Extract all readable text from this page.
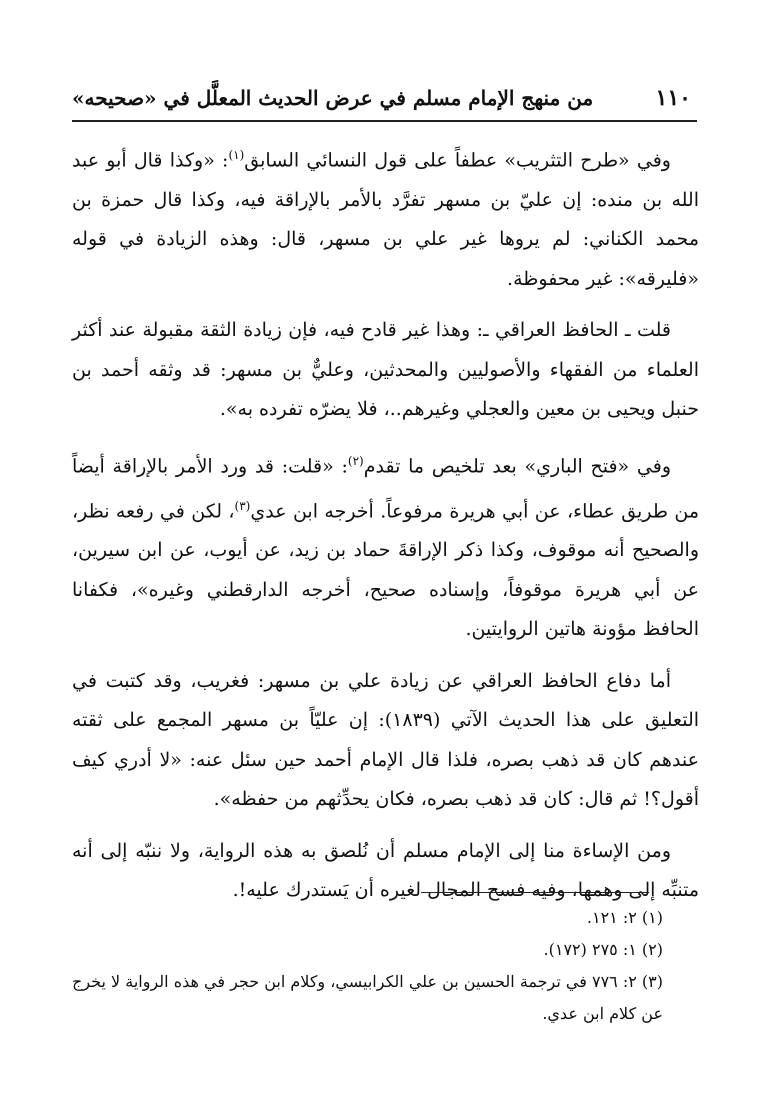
١١٠
من منهج الإمام مسلم في عرض الحديث المعلَّل في «صحيحه»

وفي «طرح التثريب» عطفاً على قول النسائي السابق$^{(١)}$: «وكذا قال أبو عبد الله بن منده: إن عليّ بن مسهر تفرَّد بالأمر بالإراقة فيه، وكذا قال حمزة بن محمد الكناني: لم يروها غير علي بن مسهر، قال: وهذه الزيادة في قوله «فليرقه»: غير محفوظة.

قلت ـ الحافظ العراقي ـ: وهذا غير قادح فيه، فإن زيادة الثقة مقبولة عند أكثر العلماء من الفقهاء والأصوليين والمحدثين، وعليٌّ بن مسهر: قد وثقه أحمد بن حنبل ويحيى بن معين والعجلي وغيرهم..، فلا يضرّه تفرده به».

وفي «فتح الباري» بعد تلخيص ما تقدم$^{(٢)}$: «قلت: قد ورد الأمر بالإراقة أيضاً من طريق عطاء، عن أبي هريرة مرفوعاً. أخرجه ابن عدي$^{(٣)}$، لكن في رفعه نظر، والصحيح أنه موقوف، وكذا ذكر الإراقةَ حماد بن زيد، عن أيوب، عن ابن سيرين، عن أبي هريرة موقوفاً، وإسناده صحيح، أخرجه الدارقطني وغيره»، فكفانا الحافظ مؤونة هاتين الروايتين.

أما دفاع الحافظ العراقي عن زيادة علي بن مسهر: فغريب، وقد كتبت في التعليق على هذا الحديث الآتي (١٨٣٩): إن عليّاً بن مسهر المجمع على ثقته عندهم كان قد ذهب بصره، فلذا قال الإمام أحمد حين سئل عنه: «لا أدري كيف أقول؟! ثم قال: كان قد ذهب بصره، فكان يحدِّثهم من حفظه».

ومن الإساءة منا إلى الإمام مسلم أن نُلصق به هذه الرواية، ولا ننبّه إلى أنه متنبِّه إلى وهمها، وفيه فسح المجال لغيره أن يَستدرك عليه!.

(١) ٢: ١٢١.

(٢) ١: ٢٧٥ (١٧٢).

(٣) ٢: ٧٧٦ في ترجمة الحسين بن علي الكرابيسي، وكلام ابن حجر في هذه الرواية لا يخرج عن كلام ابن عدي.
